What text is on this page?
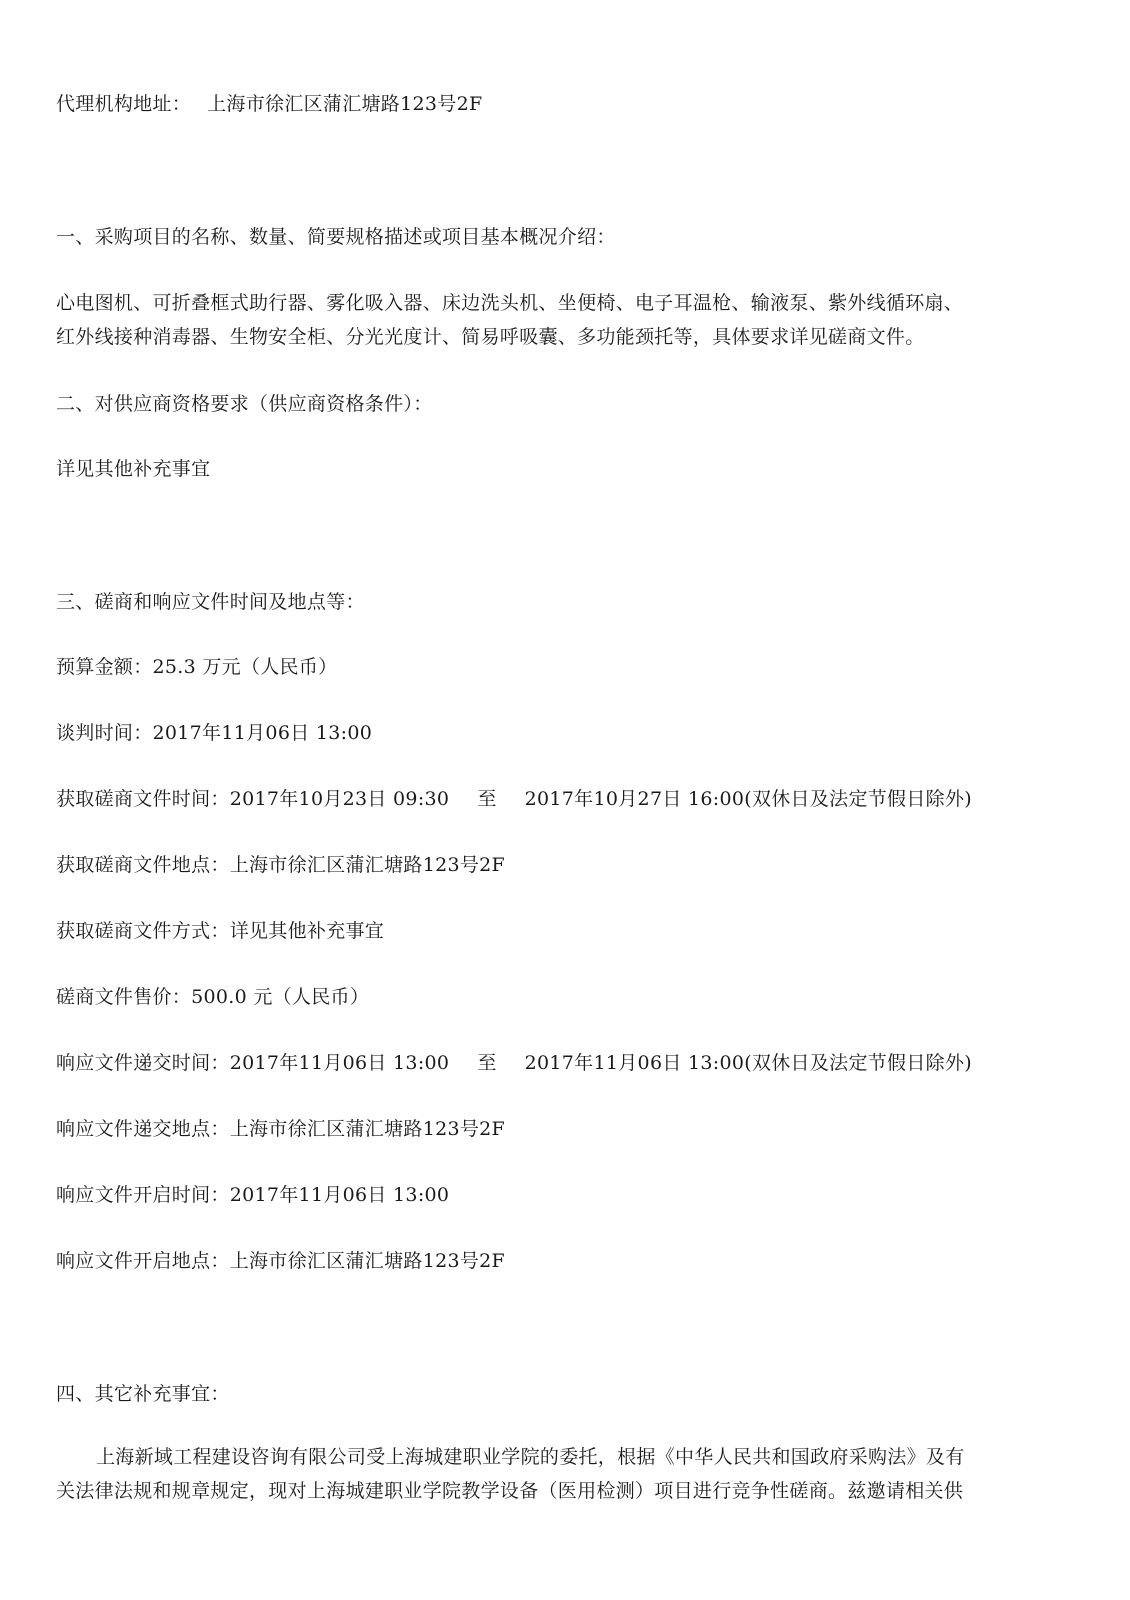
代理机构地址： 上海市徐汇区蒲汇塘路123号2F
一、采购项目的名称、数量、简要规格描述或项目基本概况介绍：
心电图机、可折叠框式助行器、雾化吸入器、床边洗头机、坐便椅、电子耳温枪、输液泵、紫外线循环扇、
红外线接种消毒器、生物安全柜、分光光度计、简易呼吸囊、多功能颈托等，具体要求详见磋商文件。
二、对供应商资格要求（供应商资格条件）：
详见其他补充事宜
三、磋商和响应文件时间及地点等：
预算金额：25.3 万元（人民币）
谈判时间：2017年11月06日 13:00
获取磋商文件时间：2017年10月23日 09:30 至 2017年10月27日 16:00(双休日及法定节假日除外)
获取磋商文件地点：上海市徐汇区蒲汇塘路123号2F
获取磋商文件方式：详见其他补充事宜
磋商文件售价：500.0 元（人民币）
响应文件递交时间：2017年11月06日 13:00 至 2017年11月06日 13:00(双休日及法定节假日除外)
响应文件递交地点：上海市徐汇区蒲汇塘路123号2F
响应文件开启时间：2017年11月06日 13:00
响应文件开启地点：上海市徐汇区蒲汇塘路123号2F
四、其它补充事宜：
上海新域工程建设咨询有限公司受上海城建职业学院的委托，根据《中华人民共和国政府采购法》及有
关法律法规和规章规定，现对上海城建职业学院教学设备（医用检测）项目进行竞争性磋商。兹邀请相关供
